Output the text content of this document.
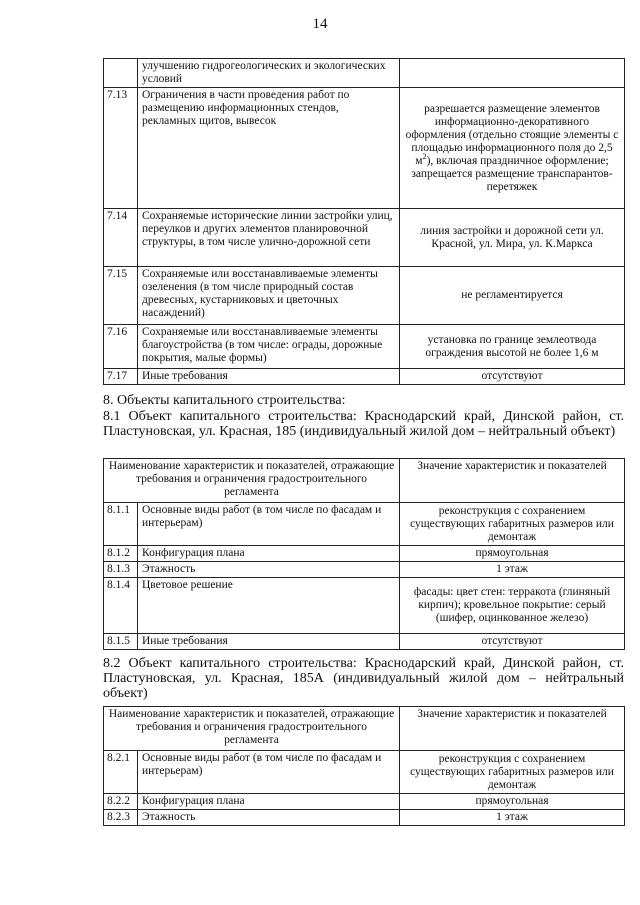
14
	улучшению гидрогеологических и экологических условий	
7.13	Ограничения в части проведения работ по размещению информационных стендов, рекламных щитов, вывесок	разрешается размещение элементов информационно-декоративного оформления (отдельно стоящие элементы с площадью информационного поля до 2,5 $м^2$), включая праздничное оформление; запрещается размещение транспарантов-перетяжек
7.14	Сохраняемые исторические линии застройки улиц, переулков и других элементов планировочной структуры, в том числе улично-дорожной сети	линия застройки и дорожной сети ул. Красной, ул. Мира, ул. К.Маркса
7.15	Сохраняемые или восстанавливаемые элементы озеленения (в том числе природный состав древесных, кустарниковых и цветочных насаждений)	не регламентируется
7.16	Сохраняемые или восстанавливаемые элементы благоустройства (в том числе: ограды, дорожные покрытия, малые формы)	установка по границе землеотвода ограждения высотой не более 1,6 м
7.17	Иные требования	отсутствуют
8. Объекты капитального строительства:
8.1 Объект капитального строительства: Краснодарский край, Динской район, ст. Пластуновская, ул. Красная, 185 (индивидуальный жилой дом – нейтральный объект)
Наименование характеристик и показателей, отражающие требования и ограничения градостроительного регламента		Значение характеристик и показателей
8.1.1	Основные виды работ (в том числе по фасадам и интерьерам)	реконструкция с сохранением существующих габаритных размеров или демонтаж
8.1.2	Конфигурация плана	прямоугольная
8.1.3	Этажность	1 этаж
8.1.4	Цветовое решение	фасады: цвет стен: терракота (глиняный кирпич); кровельное покрытие: серый (шифер, оцинкованное железо)
8.1.5	Иные требования	отсутствуют
8.2 Объект капитального строительства: Краснодарский край, Динской район, ст. Пластуновская, ул. Красная, 185А (индивидуальный жилой дом – нейтральный объект)
Наименование характеристик и показателей, отражающие требования и ограничения градостроительного регламента		Значение характеристик и показателей
8.2.1	Основные виды работ (в том числе по фасадам и интерьерам)	реконструкция с сохранением существующих габаритных размеров или демонтаж
8.2.2	Конфигурация плана	прямоугольная
8.2.3	Этажность	1 этаж
